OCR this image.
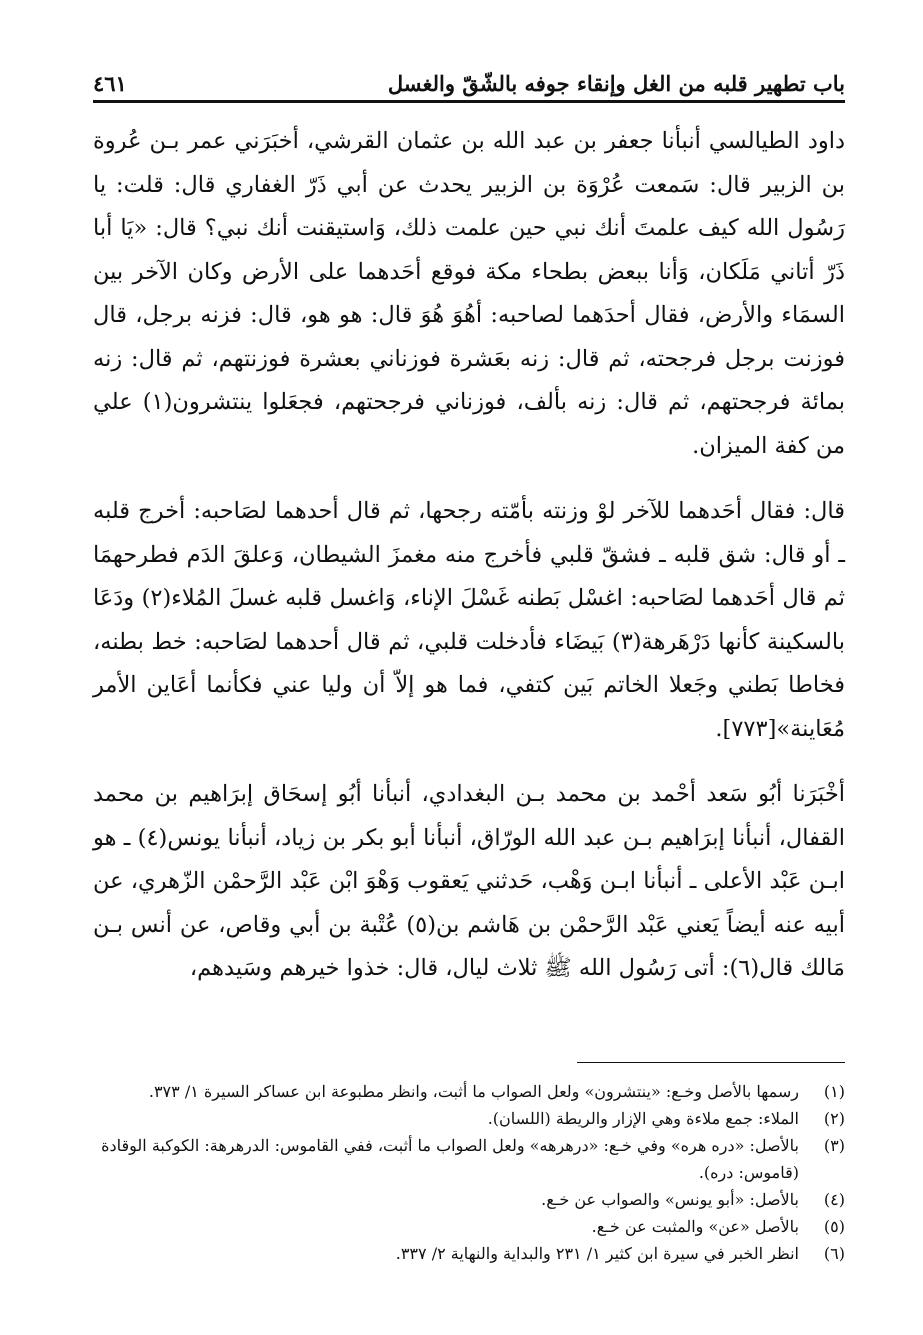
باب تطهير قلبه من الغل وإنقاء جوفه بالشّقّ والغسل
٤٦١

داود الطيالسي أنبأنا جعفر بن عبد الله بن عثمان القرشي، أخبَرَني عمر بـن عُروة بن الزبير قال: سَمعت عُرْوَة بن الزبير يحدث عن أبي ذَرّ الغفاري قال: قلت: يا رَسُول الله كيف علمتَ أنك نبي حين علمت ذلك، وَاستيقنت أنك نبي؟ قال: «يَا أبا ذَرّ أتاني مَلَكان، وَأنا ببعض بطحاء مكة فوقع أحَدهما على الأرض وكان الآخر بين السمَاء والأرض، فقال أحدَهما لصاحبه: أهُوَ هُوَ قال: هو هو، قال: فزنه برجل، قال فوزنت برجل فرجحته، ثم قال: زنه بعَشرة فوزناني بعشرة فوزنتهم، ثم قال: زنه بمائة فرجحتهم، ثم قال: زنه بألف، فوزناني فرجحتهم، فجعَلوا ينتشرون(١) علي من كفة الميزان.

قال: فقال أحَدهما للآخر لوْ وزنته بأمّته رجحها، ثم قال أحدهما لصَاحبه: أخرج قلبه ـ أو قال: شق قلبه ـ فشقّ قلبي فأخرج منه مغمزَ الشيطان، وَعلقَ الدَم فطرحهمَا ثم قال أحَدهما لصَاحبه: اغسْل بَطنه غَسْلَ الإناء، وَاغسل قلبه غسلَ المُلاء(٢) ودَعَا بالسكينة كأنها دَرْهَرهة(٣) بَيضَاء فأدخلت قلبي، ثم قال أحدهما لصَاحبه: خط بطنه، فخاطا بَطني وجَعلا الخاتم بَين كتفي، فما هو إلاّ أن وليا عني فكأنما أعَاين الأمر مُعَاينة»[٧٧٣].

أخْبَرَنا أبُو سَعد أحْمد بن محمد بـن البغدادي، أنبأنا أبُو إسحَاق إبرَاهيم بن محمد القفال، أنبأنا إبرَاهيم بـن عبد الله الورّاق، أنبأنا أبو بكر بن زياد، أنبأنا يونس(٤) ـ هو ابـن عَبْد الأعلى ـ أنبأنا ابـن وَهْب، حَدثني يَعقوب وَهْوَ ابْن عَبْد الرَّحمْن الزّهري، عن أبيه عنه أيضاً يَعني عَبْد الرَّحمْن بن هَاشم بن(٥) عُتْبة بن أبي وقاص، عن أنس بـن مَالك قال(٦): أتى رَسُول الله ﷺ ثلاث ليال، قال: خذوا خيرهم وسَيدهم،

(١)
رسمها بالأصل وخـع: «ينتشرون» ولعل الصواب ما أثبت، وانظر مطبوعة ابن عساكر السيرة ١/ ٣٧٣.
(٢)
الملاء: جمع ملاءة وهي الإزار والريطة (اللسان).
(٣)
بالأصل: «دره هره» وفي خـع: «درهرهه» ولعل الصواب ما أثبت، ففي القاموس: الدرهرهة: الكوكبة الوقادة (قاموس: دره).
(٤)
بالأصل: «أبو يونس» والصواب عن خـع.
(٥)
بالأصل «عن» والمثبت عن خـع.
(٦)
انظر الخبر في سيرة ابن كثير ١/ ٢٣١ والبداية والنهاية ٢/ ٣٣٧.
